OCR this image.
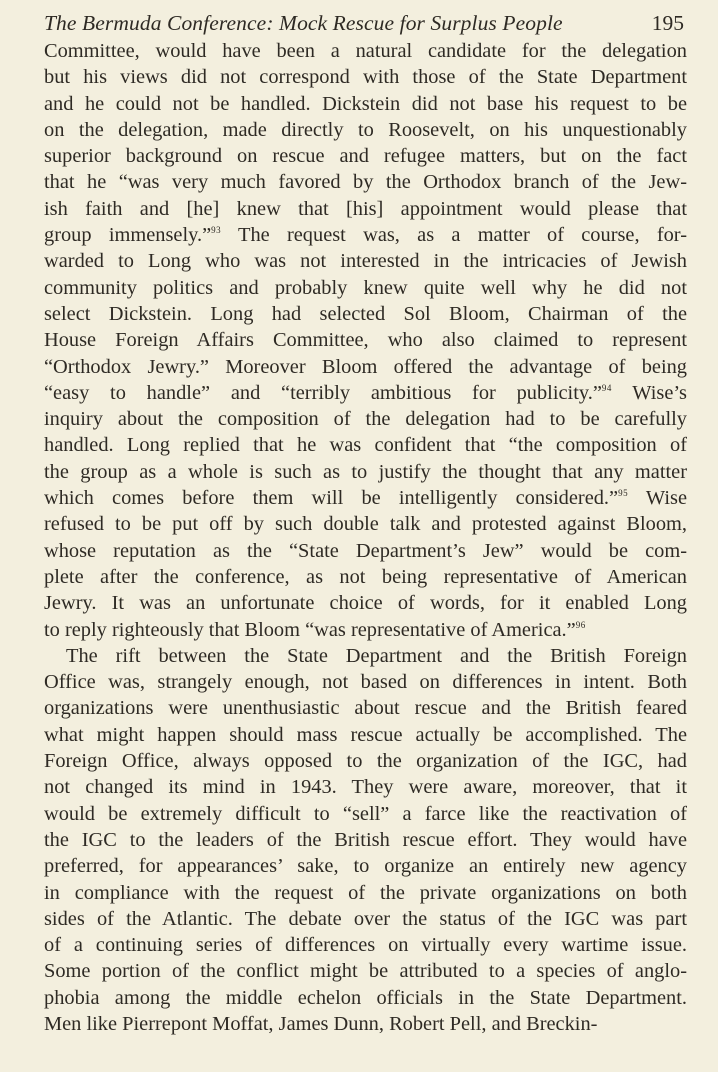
The Bermuda Conference: Mock Rescue for Surplus People	195
Committee, would have been a natural candidate for the delegation
but his views did not correspond with those of the State Department
and he could not be handled. Dickstein did not base his request to be
on the delegation, made directly to Roosevelt, on his unquestionably
superior background on rescue and refugee matters, but on the fact
that he “was very much favored by the Orthodox branch of the Jew-
ish faith and [he] knew that [his] appointment would please that
group immensely.”$^{93}$ The request was, as a matter of course, for-
warded to Long who was not interested in the intricacies of Jewish
community politics and probably knew quite well why he did not
select Dickstein. Long had selected Sol Bloom, Chairman of the
House Foreign Affairs Committee, who also claimed to represent
“Orthodox Jewry.” Moreover Bloom offered the advantage of being
“easy to handle” and “terribly ambitious for publicity.”$^{94}$ Wise’s
inquiry about the composition of the delegation had to be carefully
handled. Long replied that he was confident that “the composition of
the group as a whole is such as to justify the thought that any matter
which comes before them will be intelligently considered.”$^{95}$ Wise
refused to be put off by such double talk and protested against Bloom,
whose reputation as the “State Department’s Jew” would be com-
plete after the conference, as not being representative of American
Jewry. It was an unfortunate choice of words, for it enabled Long
to reply righteously that Bloom “was representative of America.”$^{96}$
The rift between the State Department and the British Foreign
Office was, strangely enough, not based on differences in intent. Both
organizations were unenthusiastic about rescue and the British feared
what might happen should mass rescue actually be accomplished. The
Foreign Office, always opposed to the organization of the IGC, had
not changed its mind in 1943. They were aware, moreover, that it
would be extremely difficult to “sell” a farce like the reactivation of
the IGC to the leaders of the British rescue effort. They would have
preferred, for appearances’ sake, to organize an entirely new agency
in compliance with the request of the private organizations on both
sides of the Atlantic. The debate over the status of the IGC was part
of a continuing series of differences on virtually every wartime issue.
Some portion of the conflict might be attributed to a species of anglo-
phobia among the middle echelon officials in the State Department.
Men like Pierrepont Moffat, James Dunn, Robert Pell, and Breckin-
